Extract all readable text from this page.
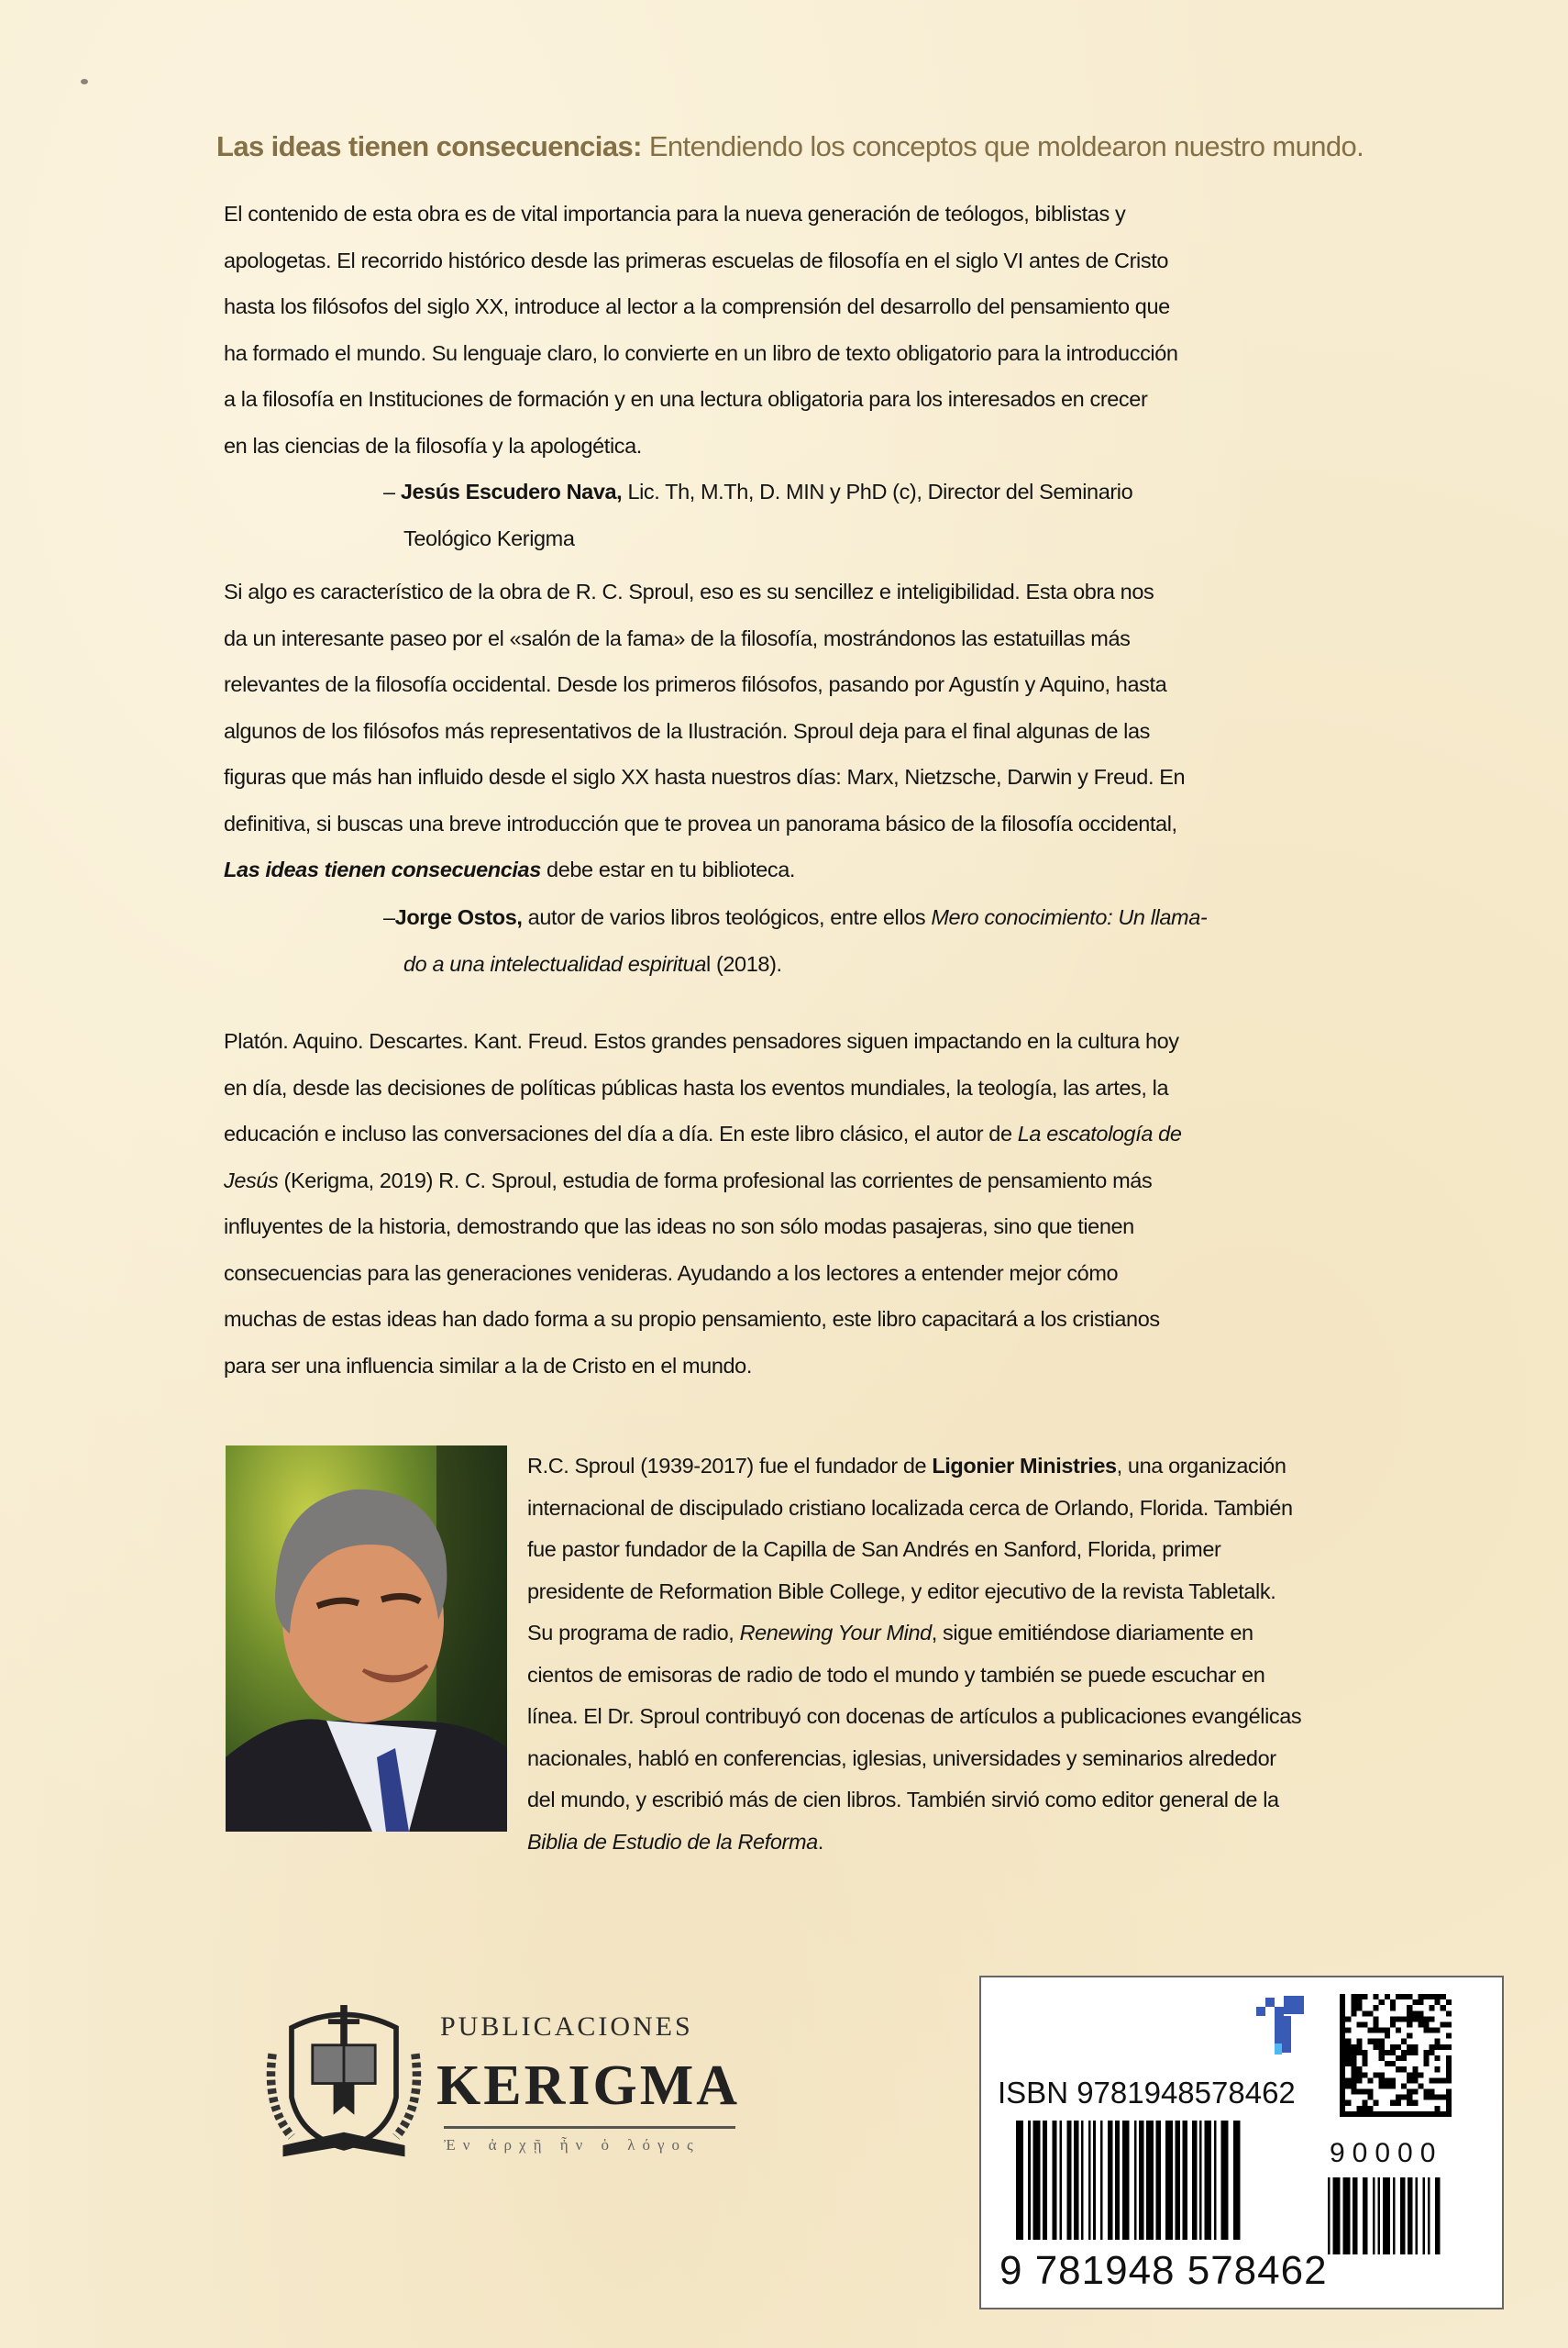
Las ideas tienen consecuencias: Entendiendo los conceptos que moldearon nuestro mundo.
El contenido de esta obra es de vital importancia para la nueva generación de teólogos, biblistas y
apologetas. El recorrido histórico desde las primeras escuelas de filosofía en el siglo VI antes de Cristo
hasta los filósofos del siglo XX, introduce al lector a la comprensión del desarrollo del pensamiento que
ha formado el mundo. Su lenguaje claro, lo convierte en un libro de texto obligatorio para la introducción
a la filosofía en Instituciones de formación y en una lectura obligatoria para los interesados en crecer
en las ciencias de la filosofía y la apologética.
– Jesús Escudero Nava, Lic. Th, M.Th, D. MIN y PhD (c), Director del Seminario
Teológico Kerigma
Si algo es característico de la obra de R. C. Sproul, eso es su sencillez e inteligibilidad. Esta obra nos
da un interesante paseo por el «salón de la fama» de la filosofía, mostrándonos las estatuillas más
relevantes de la filosofía occidental. Desde los primeros filósofos, pasando por Agustín y Aquino, hasta
algunos de los filósofos más representativos de la Ilustración. Sproul deja para el final algunas de las
figuras que más han influido desde el siglo XX hasta nuestros días: Marx, Nietzsche, Darwin y Freud. En
definitiva, si buscas una breve introducción que te provea un panorama básico de la filosofía occidental,
Las ideas tienen consecuencias debe estar en tu biblioteca.
–Jorge Ostos, autor de varios libros teológicos, entre ellos Mero conocimiento: Un llama-
do a una intelectualidad espiritual (2018).
Platón. Aquino. Descartes. Kant. Freud. Estos grandes pensadores siguen impactando en la cultura hoy
en día, desde las decisiones de políticas públicas hasta los eventos mundiales, la teología, las artes, la
educación e incluso las conversaciones del día a día. En este libro clásico, el autor de La escatología de
Jesús (Kerigma, 2019) R. C. Sproul, estudia de forma profesional las corrientes de pensamiento más
influyentes de la historia, demostrando que las ideas no son sólo modas pasajeras, sino que tienen
consecuencias para las generaciones venideras. Ayudando a los lectores a entender mejor cómo
muchas de estas ideas han dado forma a su propio pensamiento, este libro capacitará a los cristianos
para ser una influencia similar a la de Cristo en el mundo.
R.C. Sproul (1939-2017) fue el fundador de Ligonier Ministries, una organización
internacional de discipulado cristiano localizada cerca de Orlando, Florida. También
fue pastor fundador de la Capilla de San Andrés en Sanford, Florida, primer
presidente de Reformation Bible College, y editor ejecutivo de la revista Tabletalk.
Su programa de radio, Renewing Your Mind, sigue emitiéndose diariamente en
cientos de emisoras de radio de todo el mundo y también se puede escuchar en
línea. El Dr. Sproul contribuyó con docenas de artículos a publicaciones evangélicas
nacionales, habló en conferencias, iglesias, universidades y seminarios alrededor
del mundo, y escribió más de cien libros. También sirvió como editor general de la
Biblia de Estudio de la Reforma.
PUBLICACIONES
KERIGMA
Ἐν ἀρχῇ ἦν ὁ λόγος
ISBN 9781948578462
90000
9 781948 578462
